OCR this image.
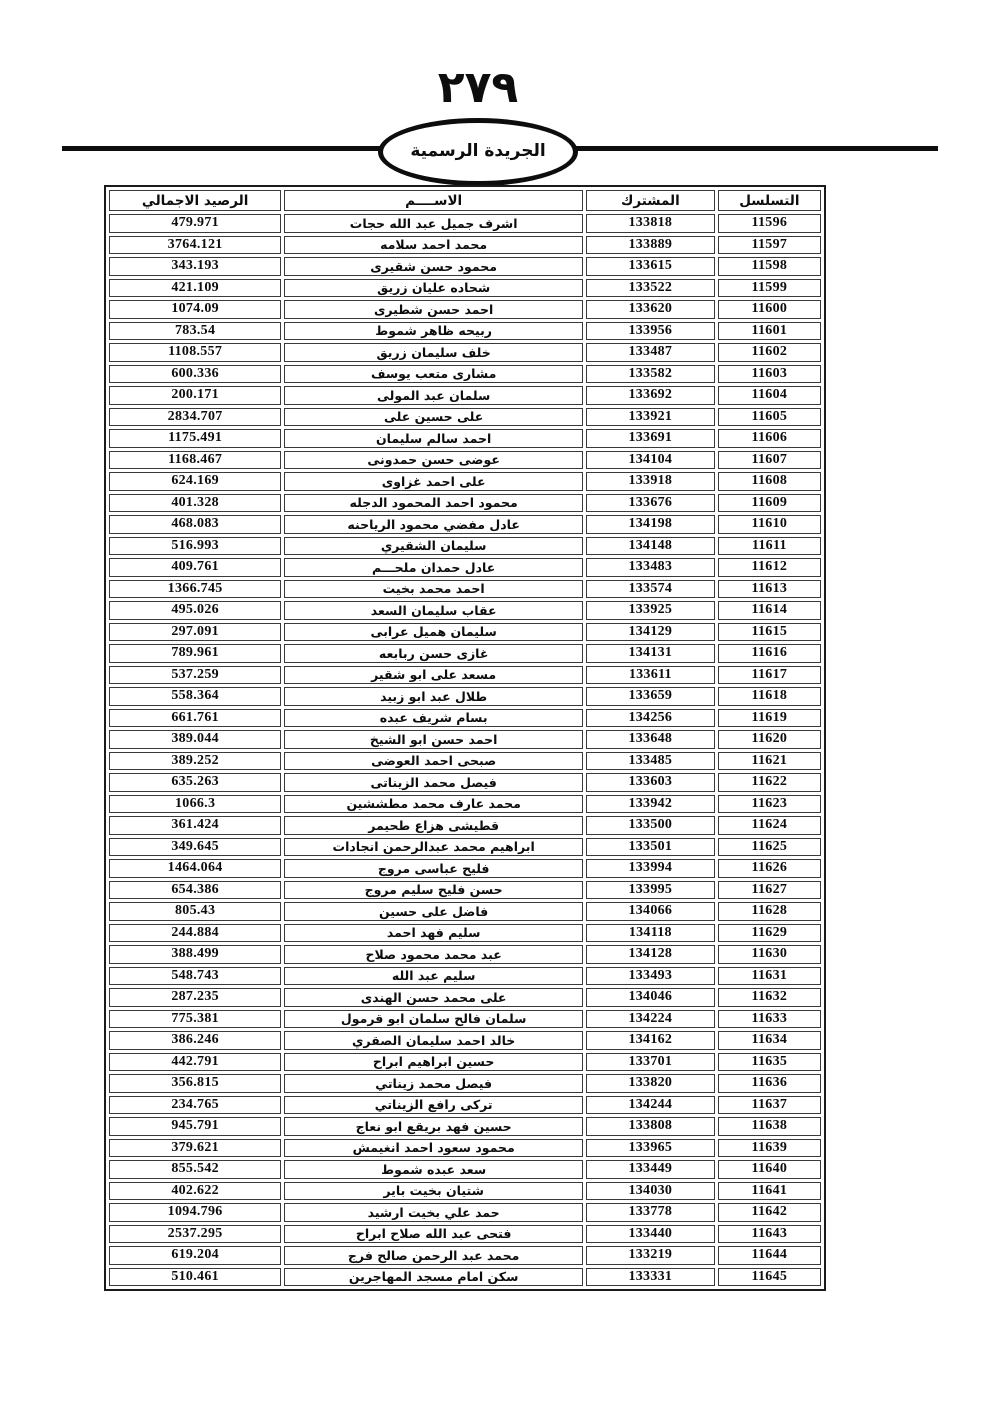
٢٧٩
الجريدة الرسمية
التسلسل	المشترك	الاســــم	الرصيد الاجمالي
11596	133818	اشرف جميل عبد الله حجات	479.971
11597	133889	محمد احمد سلامه	3764.121
11598	133615	محمود حسن شقيرى	343.193
11599	133522	شحاده عليان زريق	421.109
11600	133620	احمد حسن شطيرى	1074.09
11601	133956	ربيحه ظاهر شموط	783.54
11602	133487	خلف سليمان زريق	1108.557
11603	133582	مشارى متعب يوسف	600.336
11604	133692	سلمان عبد المولى	200.171
11605	133921	على حسين على	2834.707
11606	133691	احمد سالم سليمان	1175.491
11607	134104	عوضى حسن حمدونى	1168.467
11608	133918	على احمد غزاوى	624.169
11609	133676	محمود احمد المحمود الدجله	401.328
11610	134198	عادل مفضي محمود الرياحنه	468.083
11611	134148	سليمان الشقيري	516.993
11612	133483	عادل حمدان ملحـــم	409.761
11613	133574	احمد محمد بخيت	1366.745
11614	133925	عقاب سليمان السعد	495.026
11615	134129	سليمان هميل عرابى	297.091
11616	134131	غازى حسن ربابعه	789.961
11617	133611	مسعد على ابو شقير	537.259
11618	133659	طلال عبد ابو زبيد	558.364
11619	134256	بسام شريف عبده	661.761
11620	133648	احمد حسن ابو الشيخ	389.044
11621	133485	صبحى احمد العوضى	389.252
11622	133603	فيصل محمد الزيناتى	635.263
11623	133942	محمد عارف محمد مطششين	1066.3
11624	133500	قطيشى هزاع طحيمر	361.424
11625	133501	ابراهيم محمد عبدالرحمن انجادات	349.645
11626	133994	فليح عباسى مروج	1464.064
11627	133995	حسن فليح سليم مروج	654.386
11628	134066	فاضل على حسين	805.43
11629	134118	سليم فهد احمد	244.884
11630	134128	عبد محمد محمود صلاح	388.499
11631	133493	سليم عبد الله	548.743
11632	134046	على محمد حسن الهندى	287.235
11633	134224	سلمان فالح سلمان ابو قرمول	775.381
11634	134162	خالد احمد سليمان الصقري	386.246
11635	133701	حسين ابراهيم ابراح	442.791
11636	133820	فيصل محمد زيناتي	356.815
11637	134244	تركى رافع الزيناتي	234.765
11638	133808	حسين فهد بريقع ابو نعاج	945.791
11639	133965	محمود سعود احمد انغيمش	379.621
11640	133449	سعد عبده شموط	855.542
11641	134030	شتيان بخيت باير	402.622
11642	133778	حمد علي بخيت ارشيد	1094.796
11643	133440	فتحى عبد الله صلاح ابراح	2537.295
11644	133219	محمد عبد الرحمن صالح فرج	619.204
11645	133331	سكن امام مسجد المهاجرين	510.461
